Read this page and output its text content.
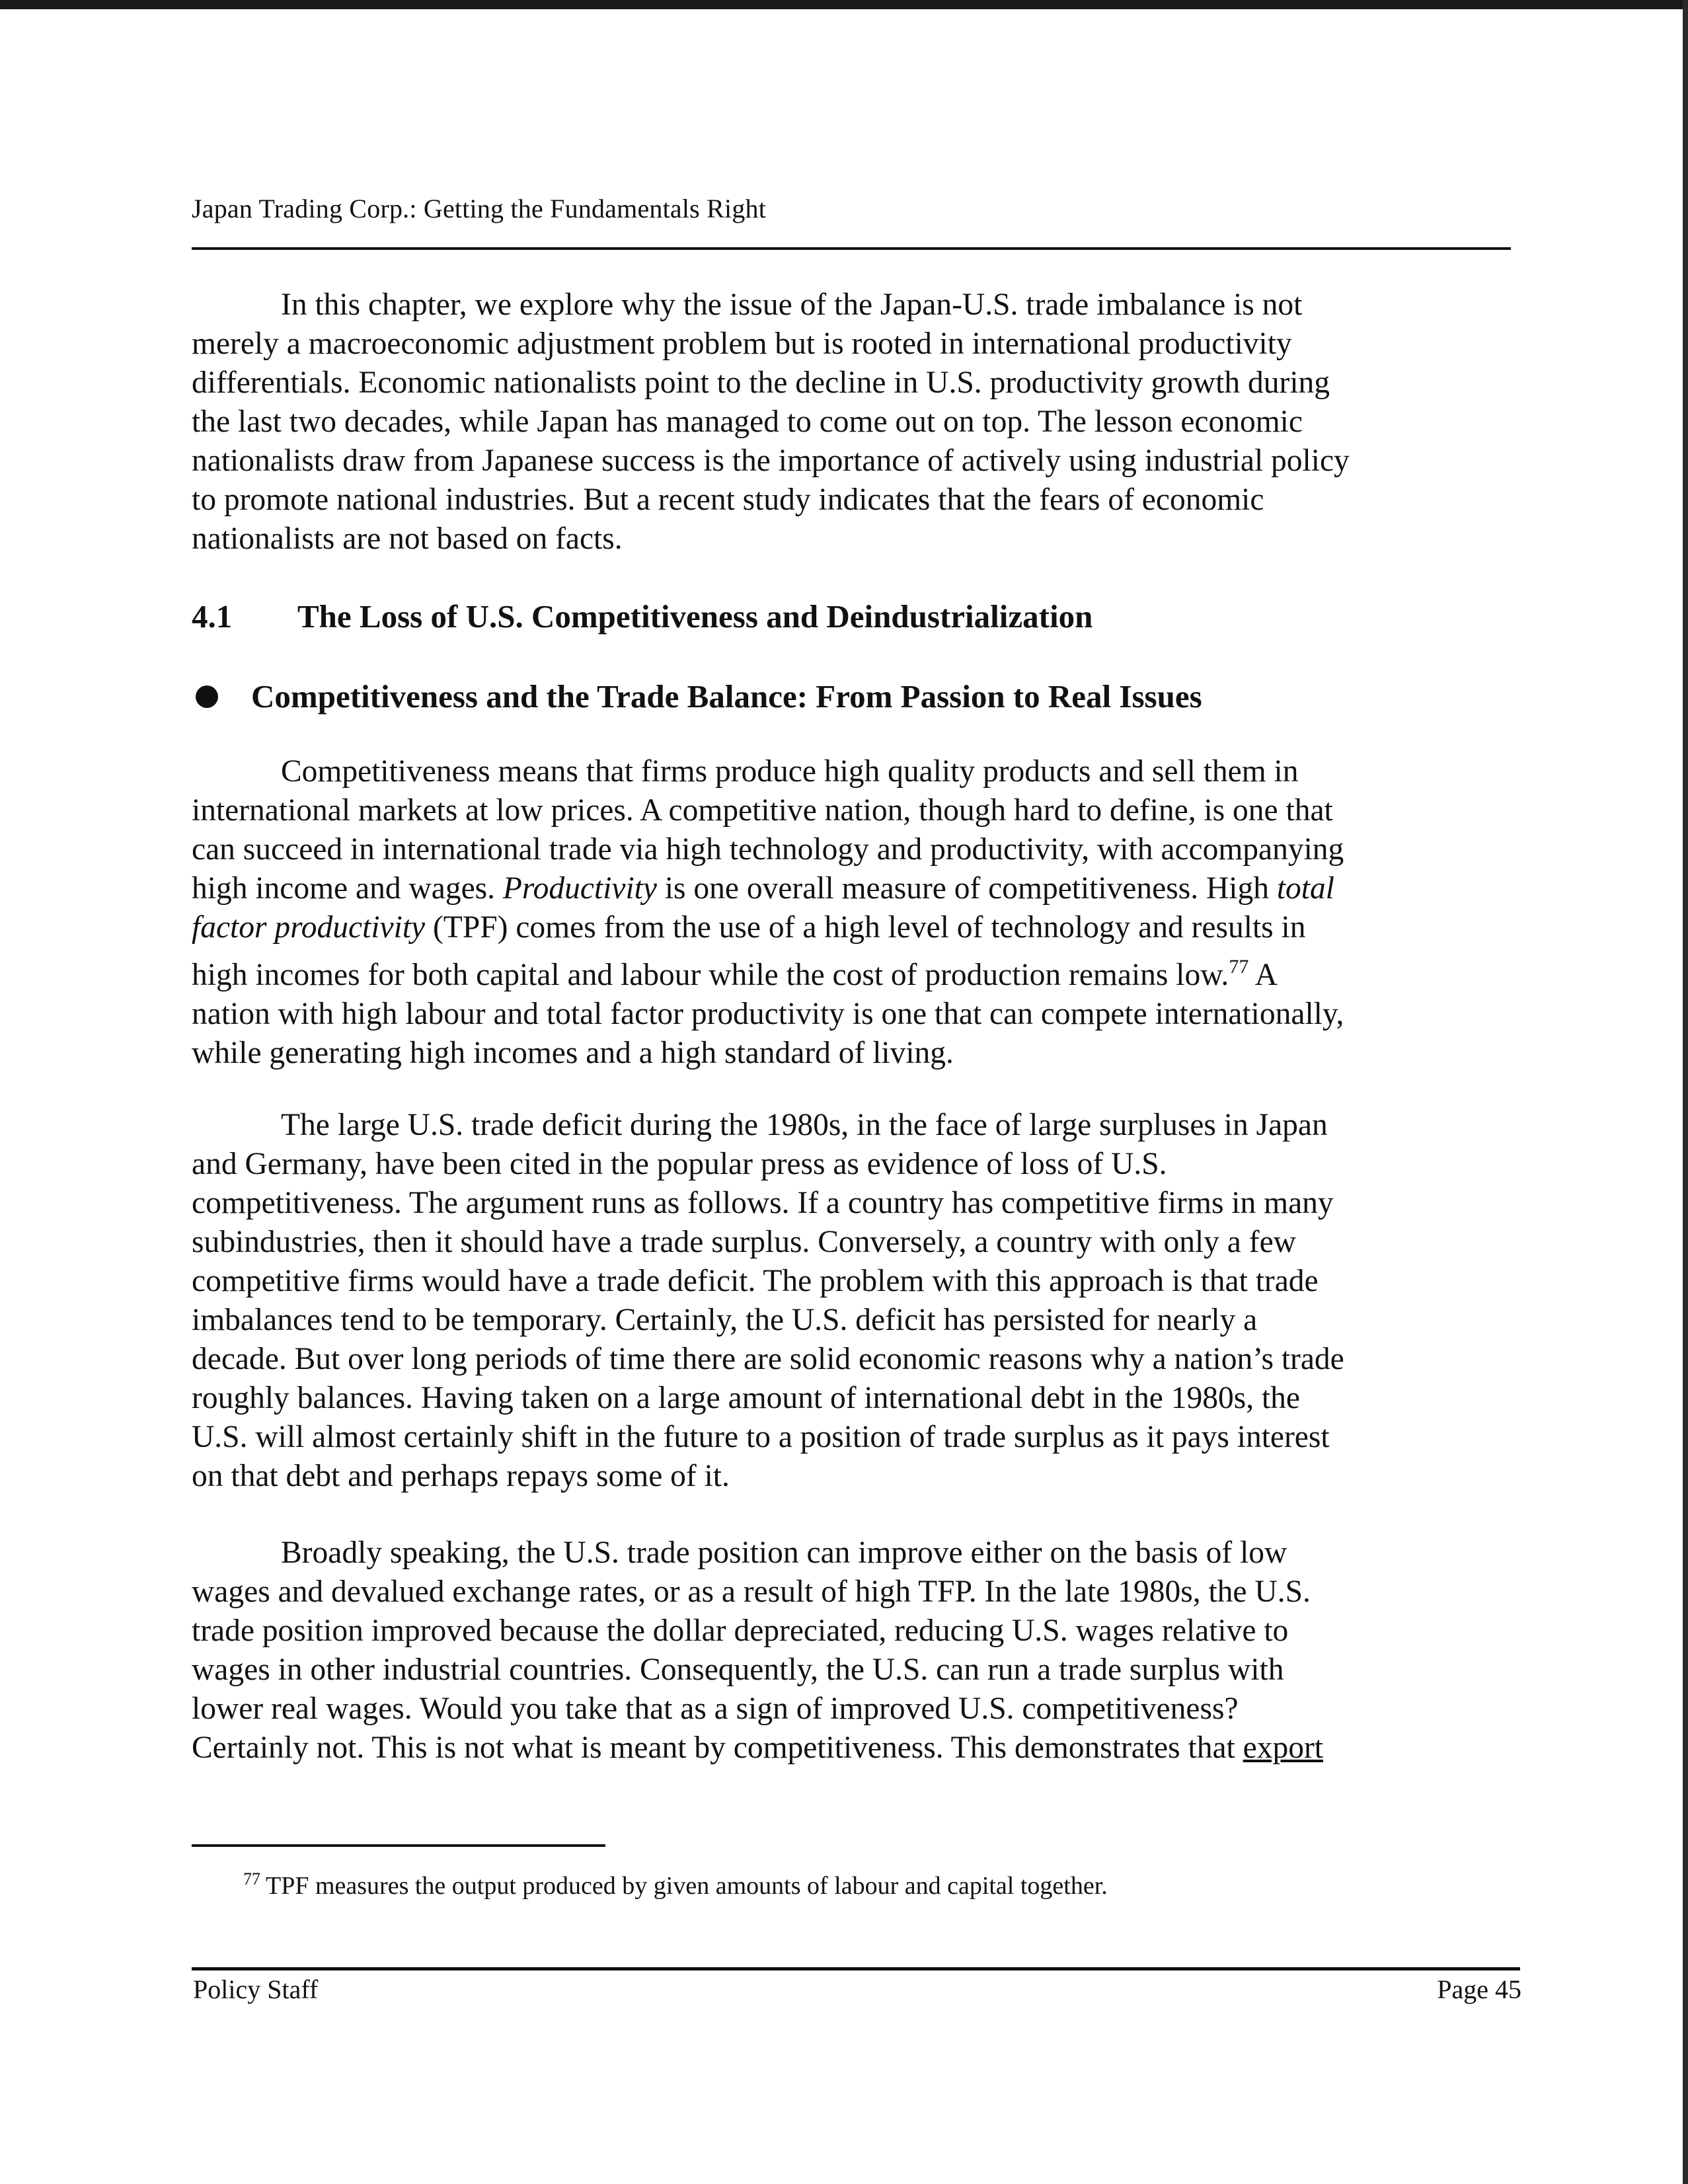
Japan Trading Corp.: Getting the Fundamentals Right

In this chapter, we explore why the issue of the Japan-U.S. trade imbalance is not
merely a macroeconomic adjustment problem but is rooted in international productivity
differentials. Economic nationalists point to the decline in U.S. productivity growth during
the last two decades, while Japan has managed to come out on top. The lesson economic
nationalists draw from Japanese success is the importance of actively using industrial policy
to promote national industries. But a recent study indicates that the fears of economic
nationalists are not based on facts.

4.1 The Loss of U.S. Competitiveness and Deindustrialization
Competitiveness and the Trade Balance: From Passion to Real Issues

Competitiveness means that firms produce high quality products and sell them in
international markets at low prices. A competitive nation, though hard to define, is one that
can succeed in international trade via high technology and productivity, with accompanying
high income and wages. Productivity is one overall measure of competitiveness. High total
factor productivity (TPF) comes from the use of a high level of technology and results in
high incomes for both capital and labour while the cost of production remains low.$^{77}$ A
nation with high labour and total factor productivity is one that can compete internationally,
while generating high incomes and a high standard of living.

The large U.S. trade deficit during the 1980s, in the face of large surpluses in Japan
and Germany, have been cited in the popular press as evidence of loss of U.S.
competitiveness. The argument runs as follows. If a country has competitive firms in many
subindustries, then it should have a trade surplus. Conversely, a country with only a few
competitive firms would have a trade deficit. The problem with this approach is that trade
imbalances tend to be temporary. Certainly, the U.S. deficit has persisted for nearly a
decade. But over long periods of time there are solid economic reasons why a nation’s trade
roughly balances. Having taken on a large amount of international debt in the 1980s, the
U.S. will almost certainly shift in the future to a position of trade surplus as it pays interest
on that debt and perhaps repays some of it.

Broadly speaking, the U.S. trade position can improve either on the basis of low
wages and devalued exchange rates, or as a result of high TFP. In the late 1980s, the U.S.
trade position improved because the dollar depreciated, reducing U.S. wages relative to
wages in other industrial countries. Consequently, the U.S. can run a trade surplus with
lower real wages. Would you take that as a sign of improved U.S. competitiveness?
Certainly not. This is not what is meant by competitiveness. This demonstrates that export

$^{77}$ TPF measures the output produced by given amounts of labour and capital together.
Policy Staff	Page 45
